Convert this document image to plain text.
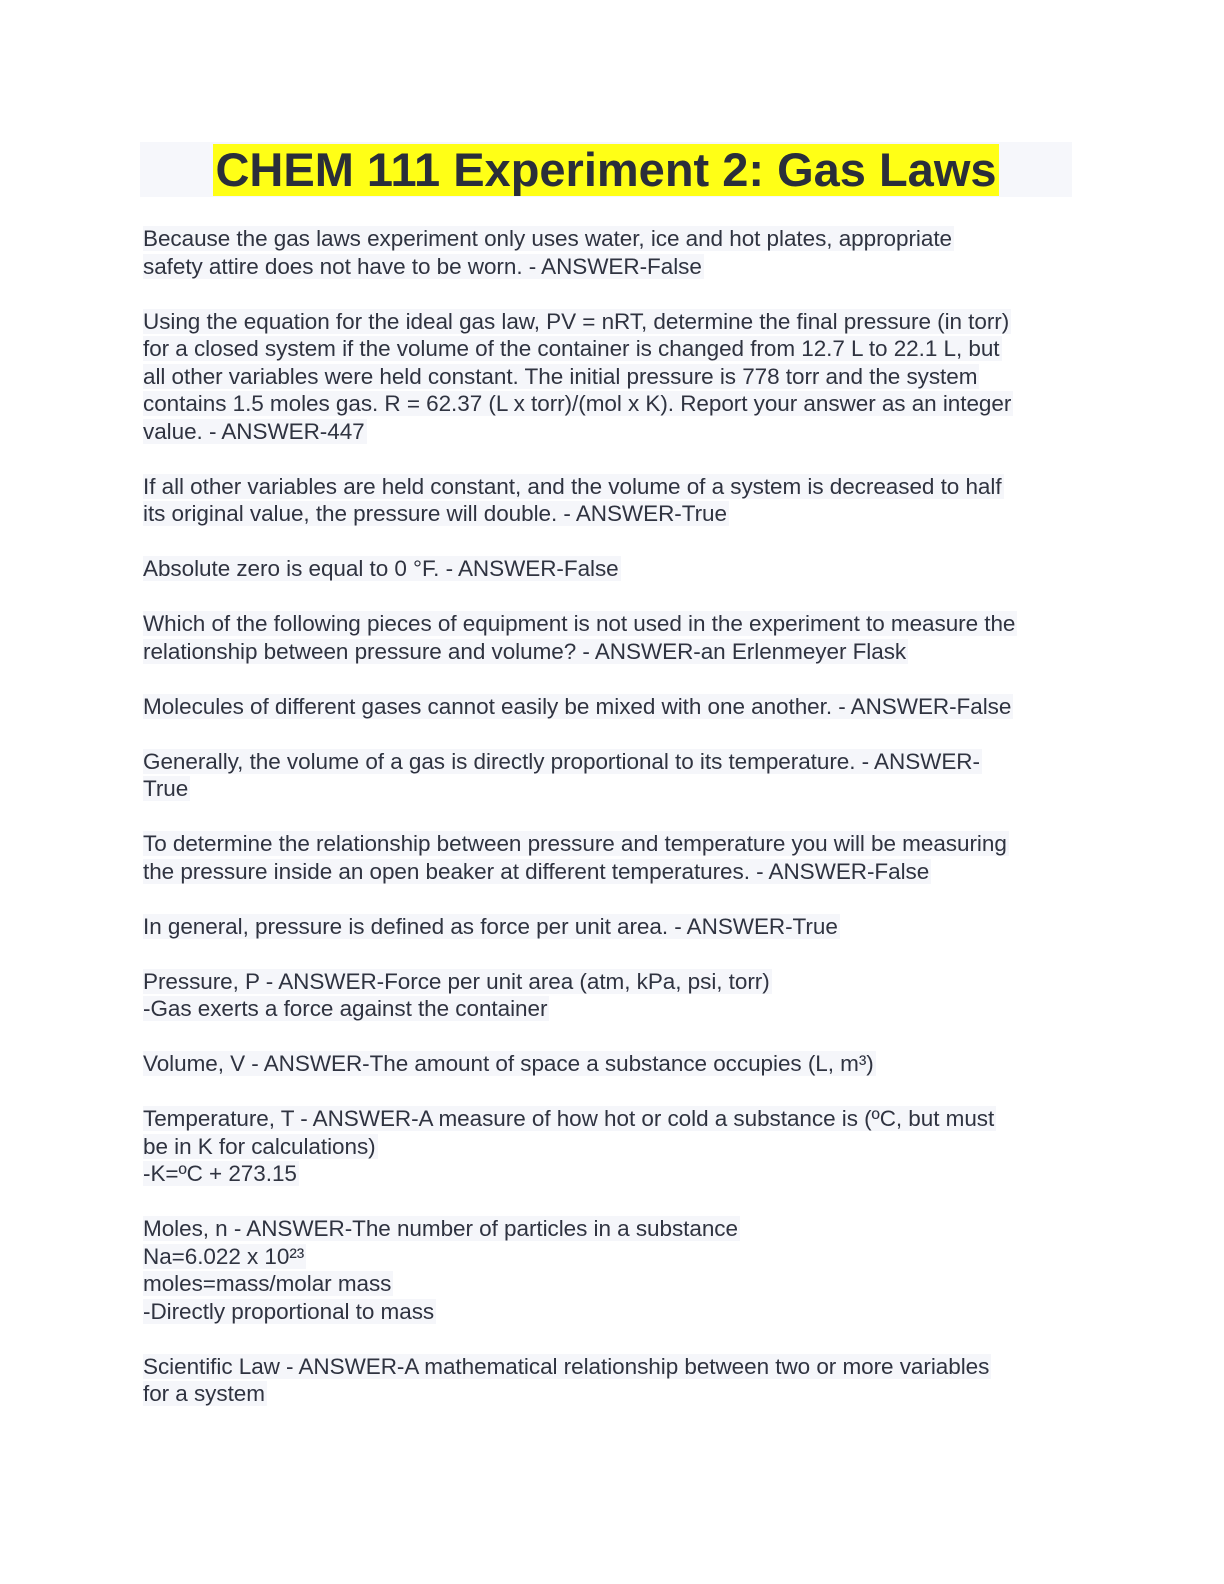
CHEM 111 Experiment 2: Gas Laws
Because the gas laws experiment only uses water, ice and hot plates, appropriate
safety attire does not have to be worn. - ANSWER-False
Using the equation for the ideal gas law, PV = nRT, determine the final pressure (in torr)
for a closed system if the volume of the container is changed from 12.7 L to 22.1 L, but
all other variables were held constant. The initial pressure is 778 torr and the system
contains 1.5 moles gas. R = 62.37 (L x torr)/(mol x K). Report your answer as an integer
value. - ANSWER-447
If all other variables are held constant, and the volume of a system is decreased to half
its original value, the pressure will double. - ANSWER-True
Absolute zero is equal to 0 °F. - ANSWER-False
Which of the following pieces of equipment is not used in the experiment to measure the
relationship between pressure and volume? - ANSWER-an Erlenmeyer Flask
Molecules of different gases cannot easily be mixed with one another. - ANSWER-False
Generally, the volume of a gas is directly proportional to its temperature. - ANSWER-
True
To determine the relationship between pressure and temperature you will be measuring
the pressure inside an open beaker at different temperatures. - ANSWER-False
In general, pressure is defined as force per unit area. - ANSWER-True
Pressure, P - ANSWER-Force per unit area (atm, kPa, psi, torr)
-Gas exerts a force against the container
Volume, V - ANSWER-The amount of space a substance occupies (L, m³)
Temperature, T - ANSWER-A measure of how hot or cold a substance is (ºC, but must
be in K for calculations)
-K=ºC + 273.15
Moles, n - ANSWER-The number of particles in a substance
Na=6.022 x 10²³
moles=mass/molar mass
-Directly proportional to mass
Scientific Law - ANSWER-A mathematical relationship between two or more variables
for a system
